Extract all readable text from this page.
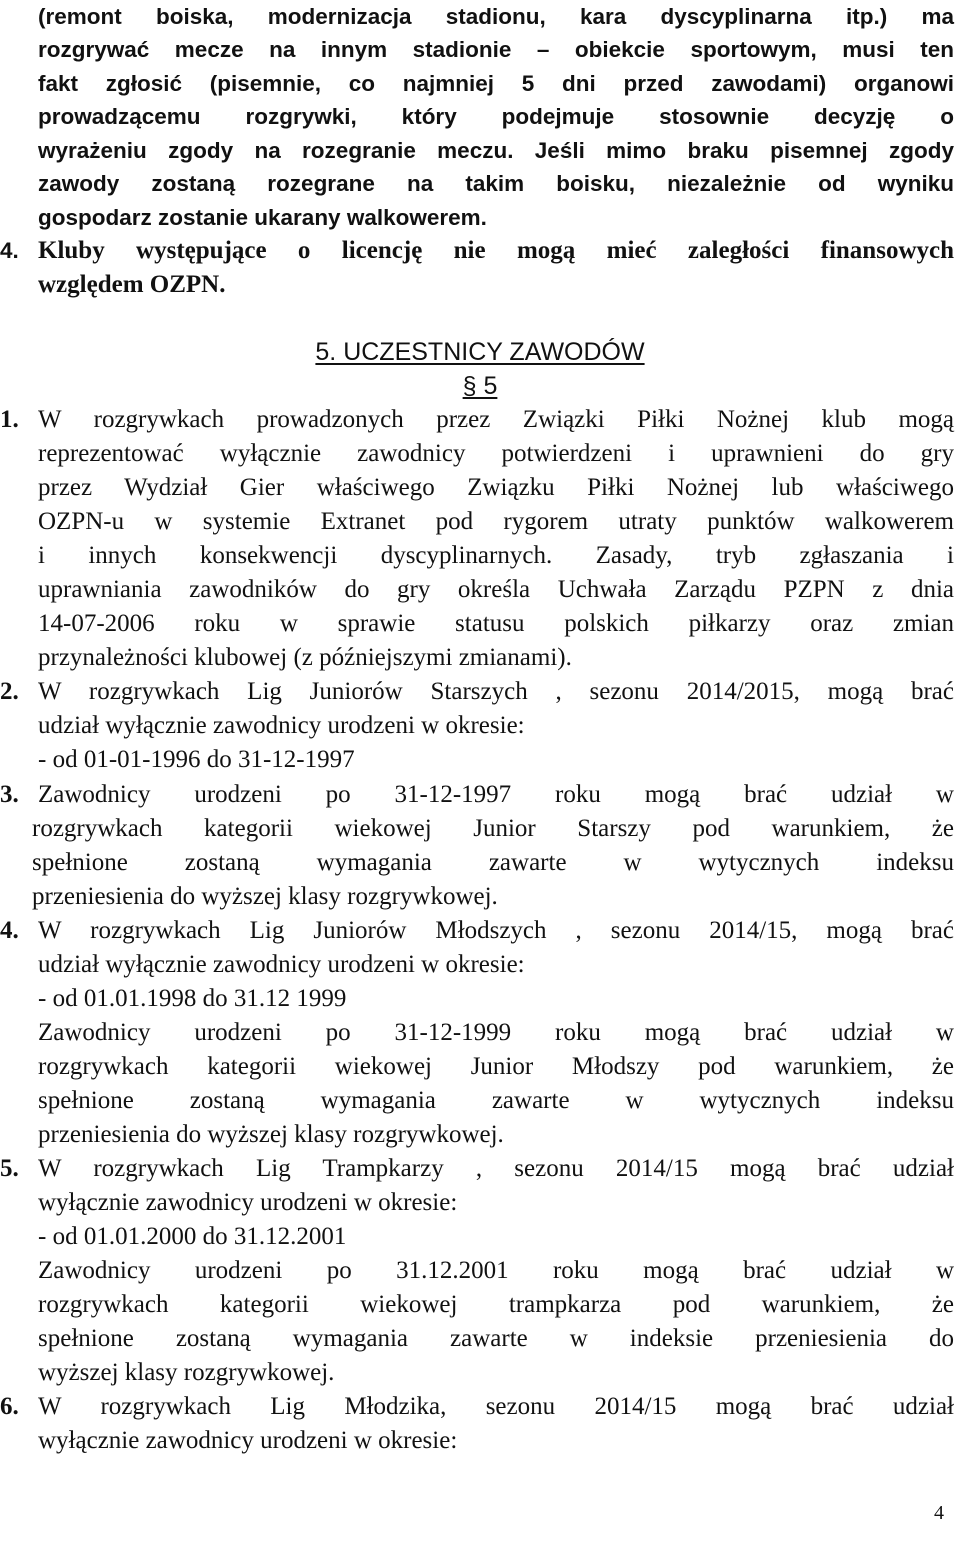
(remont boiska, modernizacja stadionu, kara dyscyplinarna itp.) ma
rozgrywać mecze na innym stadionie – obiekcie sportowym, musi ten
fakt zgłosić (pisemnie, co najmniej 5 dni przed zawodami) organowi
prowadzącemu rozgrywki, który podejmuje stosownie decyzję o
wyrażeniu zgody na rozegranie meczu. Jeśli mimo braku pisemnej zgody
zawody zostaną rozegrane na takim boisku, niezależnie od wyniku
gospodarz zostanie ukarany walkowerem.
4. Kluby występujące o licencję nie mogą mieć zaległości finansowych
względem OZPN.
5. UCZESTNICY ZAWODÓW
§ 5
1. W rozgrywkach prowadzonych przez Związki Piłki Nożnej klub mogą
reprezentować wyłącznie zawodnicy potwierdzeni i uprawnieni do gry
przez Wydział Gier właściwego Związku Piłki Nożnej lub właściwego
OZPN-u w systemie Extranet pod rygorem utraty punktów walkowerem
i innych konsekwencji dyscyplinarnych. Zasady, tryb zgłaszania i
uprawniania zawodników do gry określa Uchwała Zarządu PZPN z dnia
14-07-2006 roku w sprawie statusu polskich piłkarzy oraz zmian
przynależności klubowej (z późniejszymi zmianami).
2. W rozgrywkach Lig Juniorów Starszych , sezonu 2014/2015, mogą brać
udział wyłącznie zawodnicy urodzeni w okresie:
- od 01-01-1996 do 31-12-1997
3. Zawodnicy urodzeni po 31-12-1997 roku mogą brać udział w
rozgrywkach kategorii wiekowej Junior Starszy pod warunkiem, że
spełnione zostaną wymagania zawarte w wytycznych indeksu
przeniesienia do wyższej klasy rozgrywkowej.
4. W rozgrywkach Lig Juniorów Młodszych , sezonu 2014/15, mogą brać
udział wyłącznie zawodnicy urodzeni w okresie:
- od 01.01.1998 do 31.12 1999
Zawodnicy urodzeni po 31-12-1999 roku mogą brać udział w
rozgrywkach kategorii wiekowej Junior Młodszy pod warunkiem, że
spełnione zostaną wymagania zawarte w wytycznych indeksu
przeniesienia do wyższej klasy rozgrywkowej.
5. W rozgrywkach Lig Trampkarzy , sezonu 2014/15 mogą brać udział
wyłącznie zawodnicy urodzeni w okresie:
- od 01.01.2000 do 31.12.2001
Zawodnicy urodzeni po 31.12.2001 roku mogą brać udział w
rozgrywkach kategorii wiekowej trampkarza pod warunkiem, że
spełnione zostaną wymagania zawarte w indeksie przeniesienia do
wyższej klasy rozgrywkowej.
6. W rozgrywkach Lig Młodzika, sezonu 2014/15 mogą brać udział
wyłącznie zawodnicy urodzeni w okresie:
4
